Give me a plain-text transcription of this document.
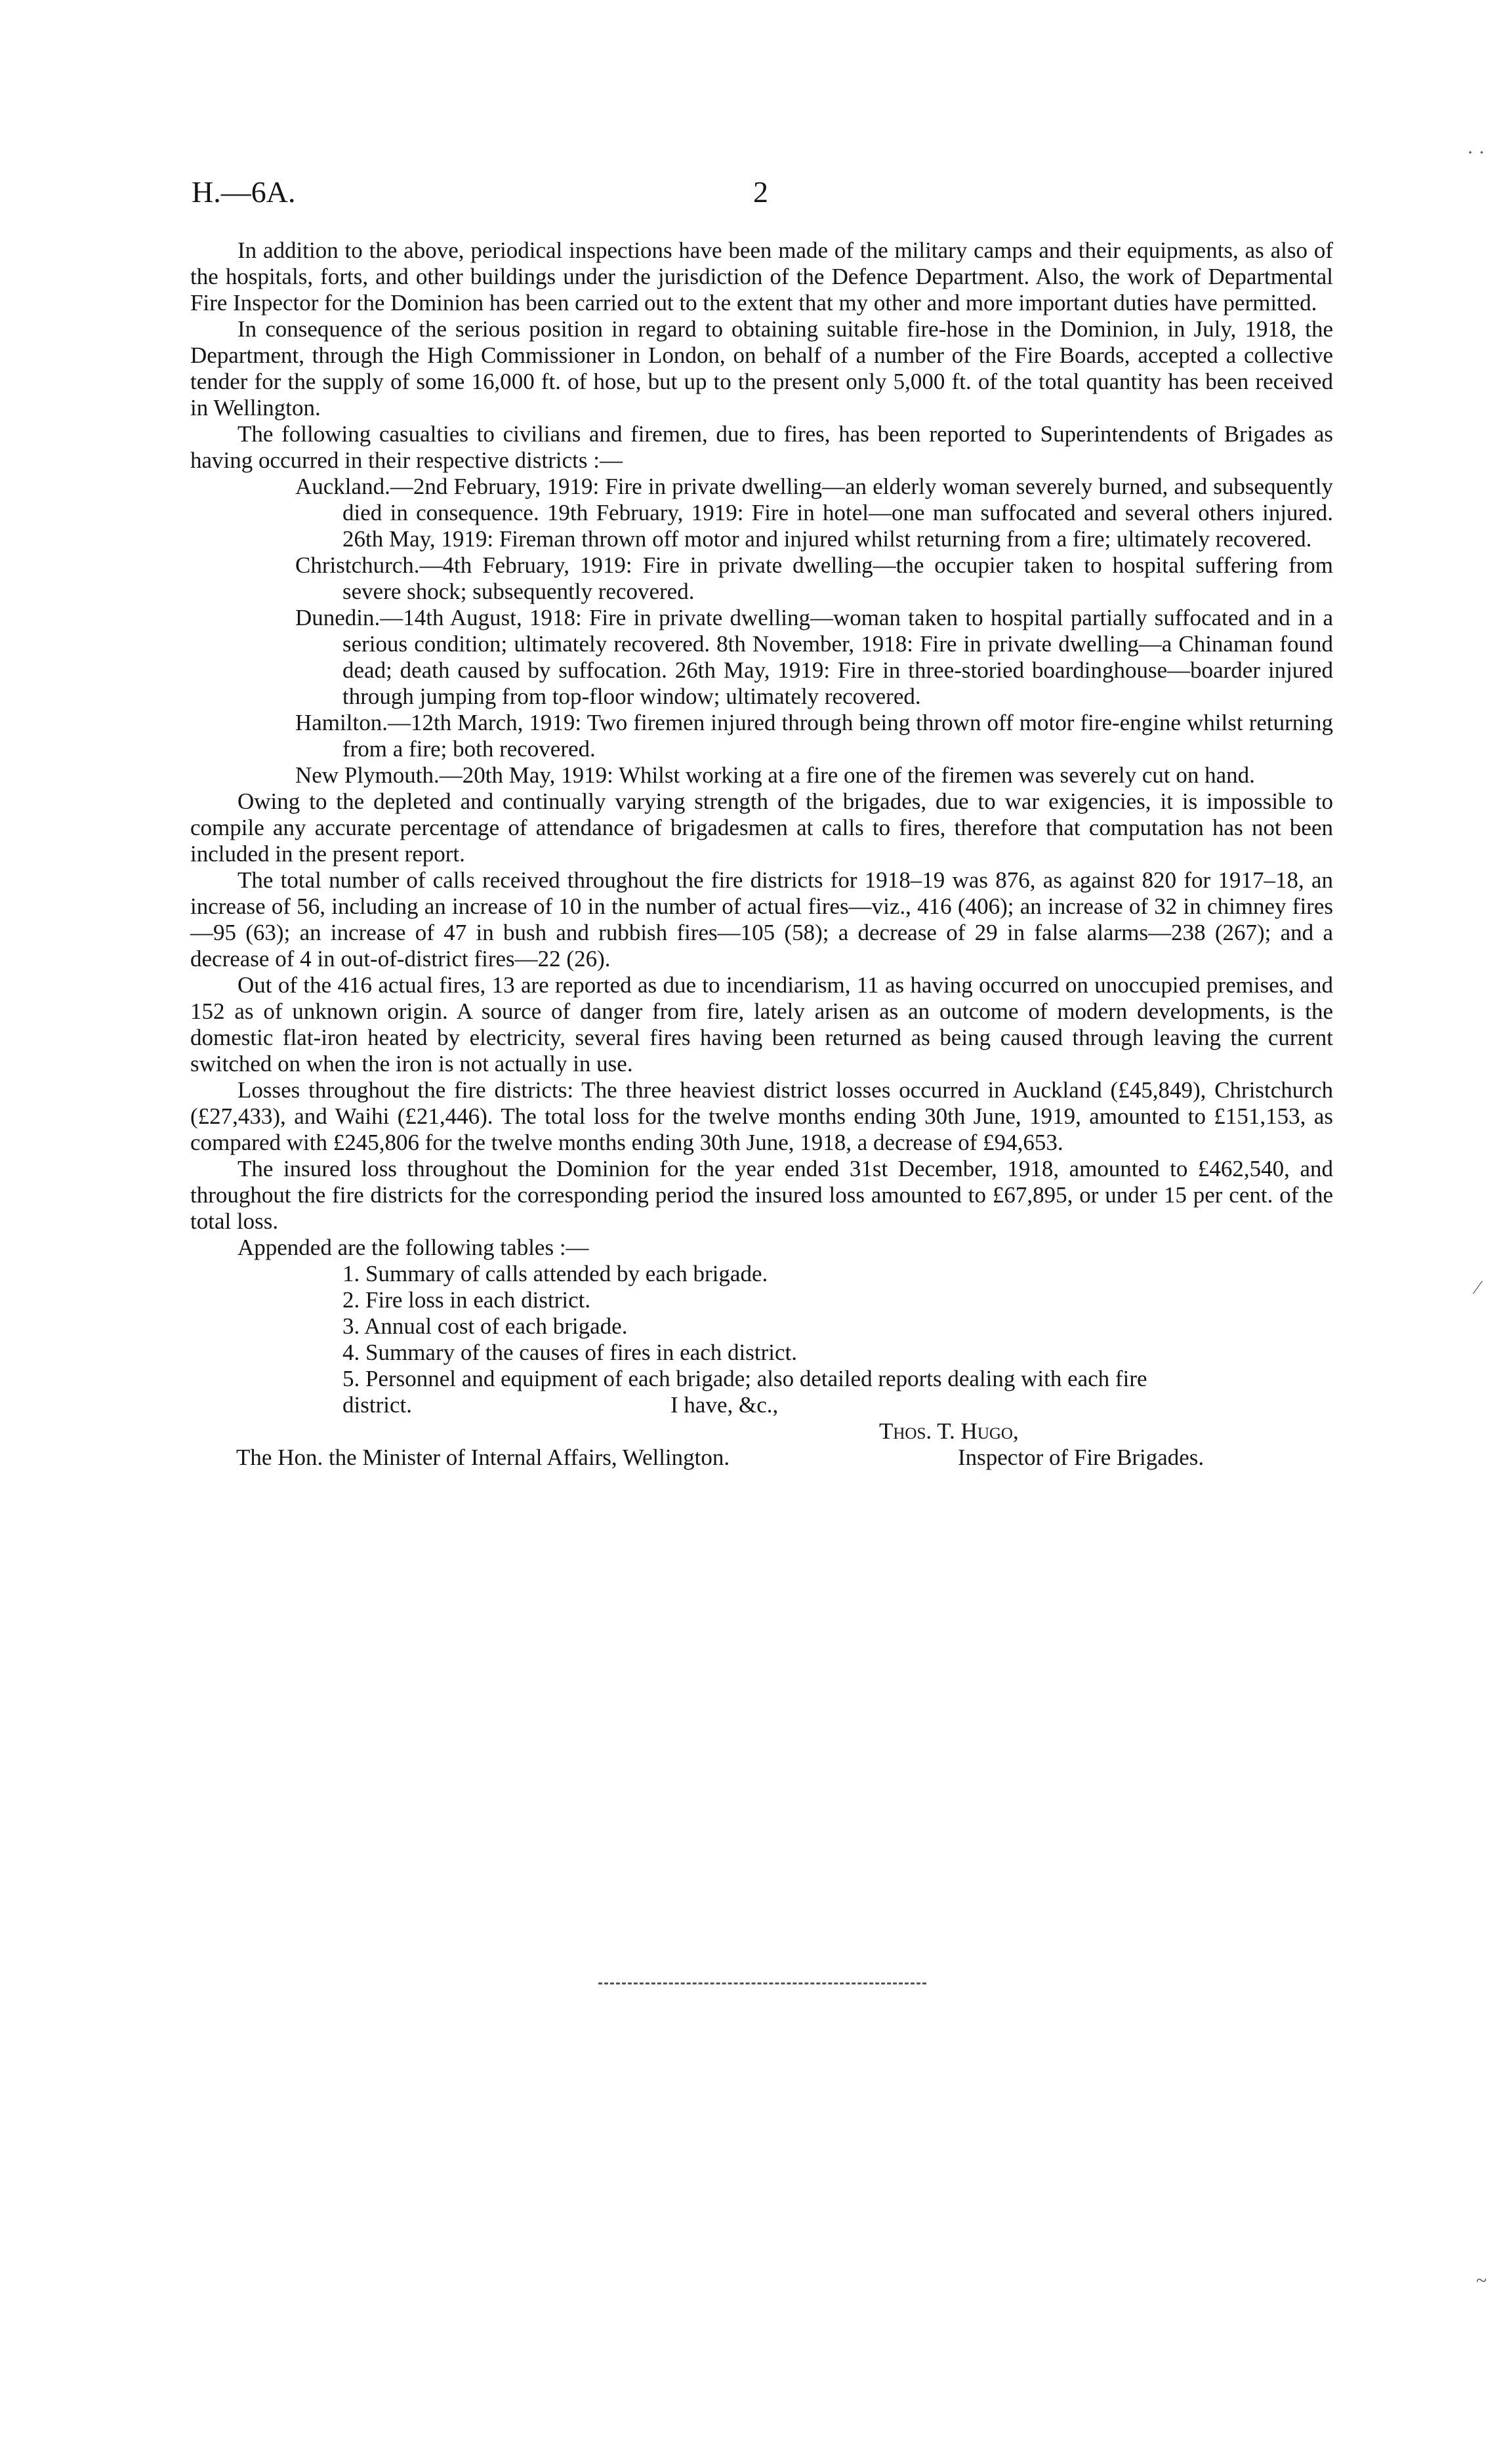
H.—6A.	2

In addition to the above, periodical inspections have been made of the military camps and their equipments, as also of the hospitals, forts, and other buildings under the jurisdiction of the Defence Department. Also, the work of Departmental Fire Inspector for the Dominion has been carried out to the extent that my other and more important duties have permitted.

In consequence of the serious position in regard to obtaining suitable fire-hose in the Dominion, in July, 1918, the Department, through the High Commissioner in London, on behalf of a number of the Fire Boards, accepted a collective tender for the supply of some 16,000 ft. of hose, but up to the present only 5,000 ft. of the total quantity has been received in Wellington.

The following casualties to civilians and firemen, due to fires, has been reported to Superintendents of Brigades as having occurred in their respective districts :—

Auckland.—2nd February, 1919: Fire in private dwelling—an elderly woman severely burned, and subsequently died in consequence. 19th February, 1919: Fire in hotel—one man suffocated and several others injured. 26th May, 1919: Fireman thrown off motor and injured whilst returning from a fire; ultimately recovered.
Christchurch.—4th February, 1919: Fire in private dwelling—the occupier taken to hospital suffering from severe shock; subsequently recovered.
Dunedin.—14th August, 1918: Fire in private dwelling—woman taken to hospital partially suffocated and in a serious condition; ultimately recovered. 8th November, 1918: Fire in private dwelling—a Chinaman found dead; death caused by suffocation. 26th May, 1919: Fire in three-storied boardinghouse—boarder injured through jumping from top-floor window; ultimately recovered.
Hamilton.—12th March, 1919: Two firemen injured through being thrown off motor fire-engine whilst returning from a fire; both recovered.
New Plymouth.—20th May, 1919: Whilst working at a fire one of the firemen was severely cut on hand.

Owing to the depleted and continually varying strength of the brigades, due to war exigencies, it is impossible to compile any accurate percentage of attendance of brigadesmen at calls to fires, therefore that computation has not been included in the present report.

The total number of calls received throughout the fire districts for 1918–19 was 876, as against 820 for 1917–18, an increase of 56, including an increase of 10 in the number of actual fires—viz., 416 (406); an increase of 32 in chimney fires—95 (63); an increase of 47 in bush and rubbish fires—105 (58); a decrease of 29 in false alarms—238 (267); and a decrease of 4 in out-of-district fires—22 (26).

Out of the 416 actual fires, 13 are reported as due to incendiarism, 11 as having occurred on unoccupied premises, and 152 as of unknown origin. A source of danger from fire, lately arisen as an outcome of modern developments, is the domestic flat-iron heated by electricity, several fires having been returned as being caused through leaving the current switched on when the iron is not actually in use.

Losses throughout the fire districts: The three heaviest district losses occurred in Auckland (£45,849), Christchurch (£27,433), and Waihi (£21,446). The total loss for the twelve months ending 30th June, 1919, amounted to £151,153, as compared with £245,806 for the twelve months ending 30th June, 1918, a decrease of £94,653.

The insured loss throughout the Dominion for the year ended 31st December, 1918, amounted to £462,540, and throughout the fire districts for the corresponding period the insured loss amounted to £67,895, or under 15 per cent. of the total loss.

Appended are the following tables :—

1. Summary of calls attended by each brigade.
2. Fire loss in each district.
3. Annual cost of each brigade.
4. Summary of the causes of fires in each district.
5. Personnel and equipment of each brigade; also detailed reports dealing with each fire
district.	I have, &c.,
Thos. T. Hugo,
The Hon. the Minister of Internal Affairs, Wellington.	Inspector of Fire Brigades.
· ·
⁄
~
